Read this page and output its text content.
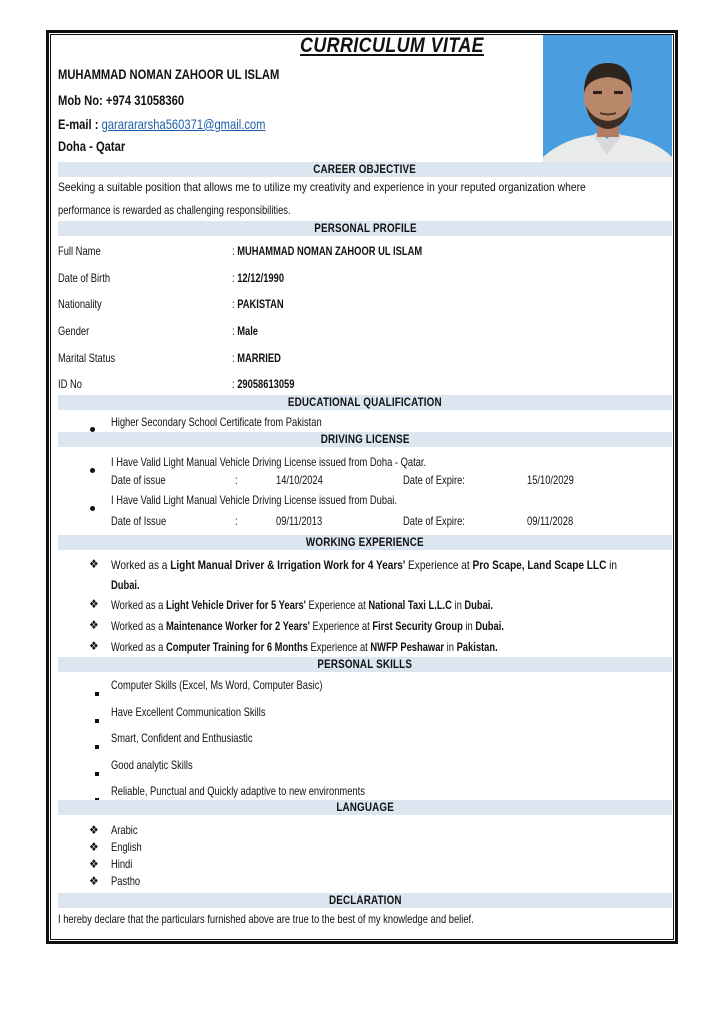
CURRICULUM VITAE
MUHAMMAD NOMAN ZAHOOR UL ISLAM
Mob No: +974 31058360
E-mail : gararararsha560371@gmail.com
Doha - Qatar
CAREER OBJECTIVE
Seeking a suitable position that allows me to utilize my creativity and experience in your reputed organization where
performance is rewarded as challenging responsibilities.
PERSONAL PROFILE
Full Name	: MUHAMMAD NOMAN ZAHOOR UL ISLAM
Date of Birth	: 12/12/1990
Nationality	: PAKISTAN
Gender	: Male
Marital Status	: MARRIED
ID No	: 29058613059
EDUCATIONAL QUALIFICATION
Higher Secondary School Certificate from Pakistan
DRIVING LICENSE
I Have Valid Light Manual Vehicle Driving License issued from Doha - Qatar.
Date of issue	:	14/10/2024	Date of Expire:	15/10/2029
I Have Valid Light Manual Vehicle Driving License issued from Dubai.
Date of Issue	:	09/11/2013	Date of Expire:	09/11/2028
WORKING EXPERIENCE
❖ Worked as a Light Manual Driver & Irrigation Work for 4 Years' Experience at Pro Scape, Land Scape LLC in
Dubai.
❖ Worked as a Light Vehicle Driver for 5 Years' Experience at National Taxi L.L.C in Dubai.
❖ Worked as a Maintenance Worker for 2 Years' Experience at First Security Group in Dubai.
❖ Worked as a Computer Training for 6 Months Experience at NWFP Peshawar in Pakistan.
PERSONAL SKILLS
Computer Skills (Excel, Ms Word, Computer Basic)
Have Excellent Communication Skills
Smart, Confident and Enthusiastic
Good analytic Skills
Reliable, Punctual and Quickly adaptive to new environments
LANGUAGE
❖ Arabic
❖ English
❖ Hindi
❖ Pastho
DECLARATION
I hereby declare that the particulars furnished above are true to the best of my knowledge and belief.
